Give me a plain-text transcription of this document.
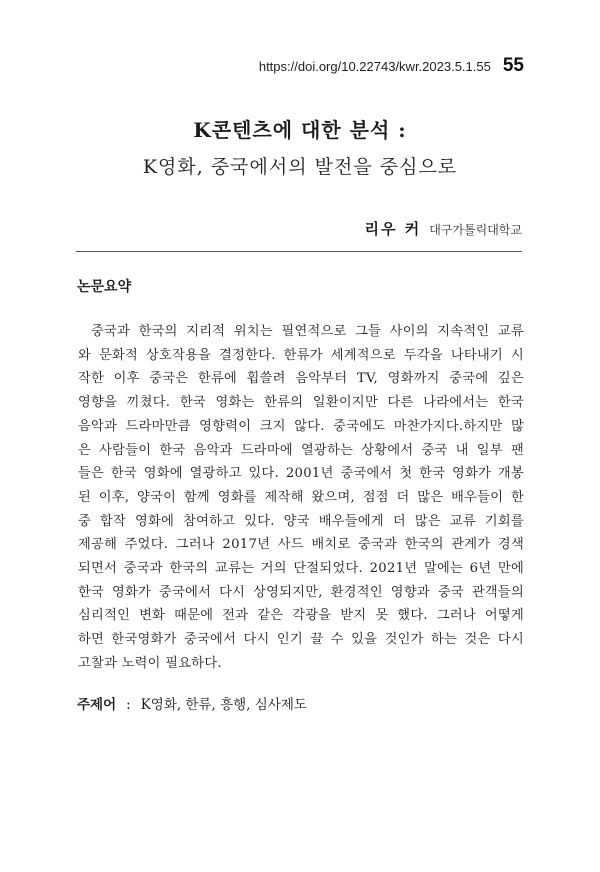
https://doi.org/10.22743/kwr.2023.5.1.55 55
K콘텐츠에 대한 분석 :
K영화, 중국에서의 발전을 중심으로
리우 커 대구가톨릭대학교
논문요약
중국과 한국의 지리적 위치는 필연적으로 그들 사이의 지속적인 교류
와 문화적 상호작용을 결정한다. 한류가 세계적으로 두각을 나타내기 시
작한 이후 중국은 한류에 휩쓸려 음악부터 TV, 영화까지 중국에 깊은
영향을 끼쳤다. 한국 영화는 한류의 일환이지만 다른 나라에서는 한국
음악과 드라마만큼 영향력이 크지 않다. 중국에도 마찬가지다.하지만 많
은 사람들이 한국 음악과 드라마에 열광하는 상황에서 중국 내 일부 팬
들은 한국 영화에 열광하고 있다. 2001년 중국에서 첫 한국 영화가 개봉
된 이후, 양국이 함께 영화를 제작해 왔으며, 점점 더 많은 배우들이 한
중 합작 영화에 참여하고 있다. 양국 배우들에게 더 많은 교류 기회를
제공해 주었다. 그러나 2017년 사드 배치로 중국과 한국의 관계가 경색
되면서 중국과 한국의 교류는 거의 단절되었다. 2021년 말에는 6년 만에
한국 영화가 중국에서 다시 상영되지만, 환경적인 영향과 중국 관객들의
심리적인 변화 때문에 전과 같은 각광을 받지 못 했다. 그러나 어떻게
하면 한국영화가 중국에서 다시 인기 끌 수 있을 것인가 하는 것은 다시
고찰과 노력이 필요하다.
주제어 : K영화, 한류, 흥행, 심사제도
